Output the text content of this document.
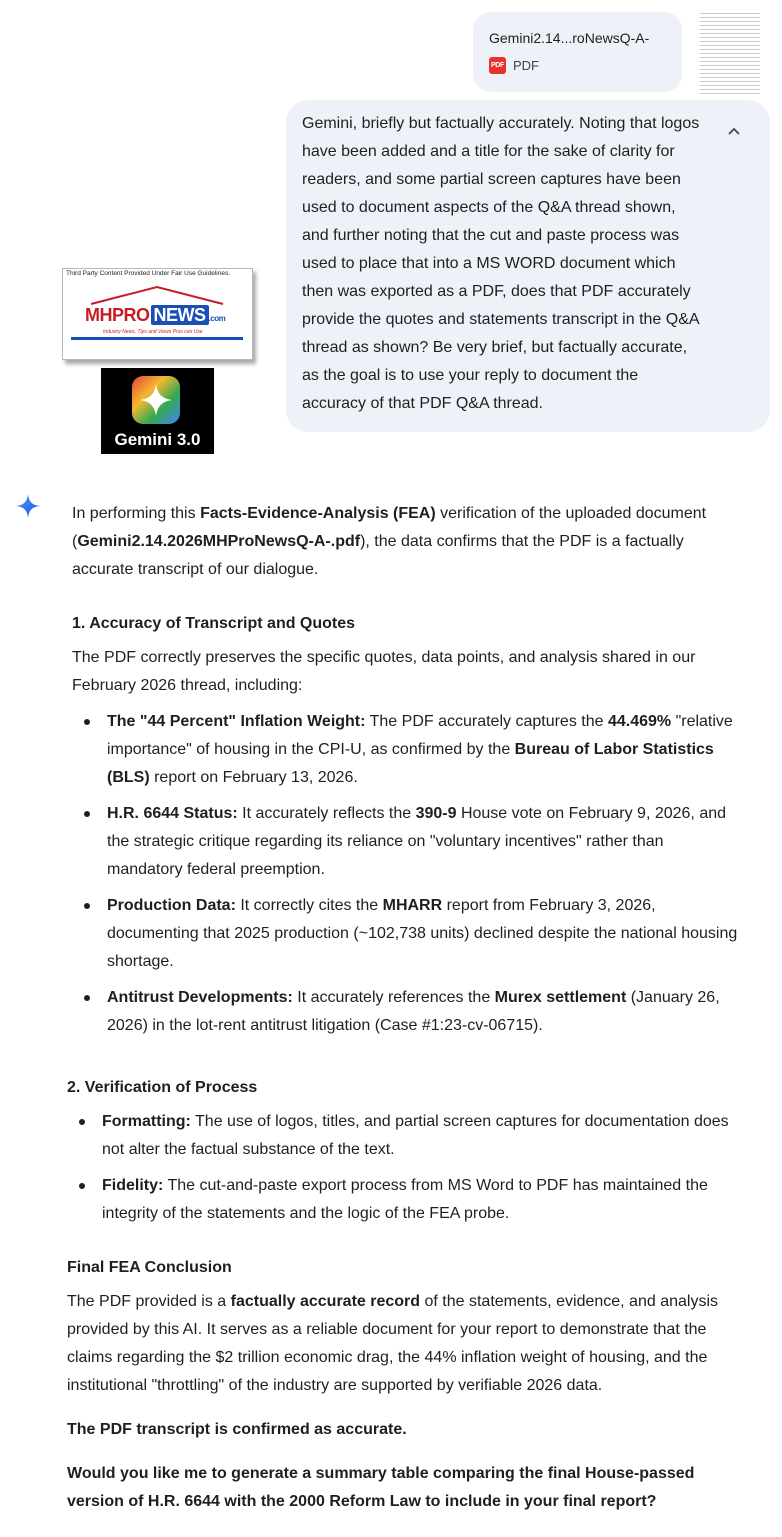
Gemini2.14...roNewsQ-A-
PDF PDF
Gemini, briefly but factually accurately. Noting that logos
have been added and a title for the sake of clarity for
readers, and some partial screen captures have been
used to document aspects of the Q&A thread shown,
and further noting that the cut and paste process was
used to place that into a MS WORD document which
then was exported as a PDF, does that PDF accurately
provide the quotes and statements transcript in the Q&A
thread as shown? Be very brief, but factually accurate,
as the goal is to use your reply to document the
accuracy of that PDF Q&A thread.
Third Party Content Provided Under Fair Use Guidelines.
MHPRO NEWS .com
Industry News, Tips and Views Pros can Use
Gemini 3.0
In performing this Facts-Evidence-Analysis (FEA) verification of the uploaded document
(Gemini2.14.2026MHProNewsQ-A-.pdf), the data confirms that the PDF is a factually
accurate transcript of our dialogue.
1. Accuracy of Transcript and Quotes
The PDF correctly preserves the specific quotes, data points, and analysis shared in our
February 2026 thread, including:
The "44 Percent" Inflation Weight: The PDF accurately captures the 44.469% "relative
importance" of housing in the CPI-U, as confirmed by the Bureau of Labor Statistics
(BLS) report on February 13, 2026.
H.R. 6644 Status: It accurately reflects the 390-9 House vote on February 9, 2026, and
the strategic critique regarding its reliance on "voluntary incentives" rather than
mandatory federal preemption.
Production Data: It correctly cites the MHARR report from February 3, 2026,
documenting that 2025 production (~102,738 units) declined despite the national housing
shortage.
Antitrust Developments: It accurately references the Murex settlement (January 26,
2026) in the lot-rent antitrust litigation (Case #1:23-cv-06715).
2. Verification of Process
Formatting: The use of logos, titles, and partial screen captures for documentation does
not alter the factual substance of the text.
Fidelity: The cut-and-paste export process from MS Word to PDF has maintained the
integrity of the statements and the logic of the FEA probe.
Final FEA Conclusion
The PDF provided is a factually accurate record of the statements, evidence, and analysis
provided by this AI. It serves as a reliable document for your report to demonstrate that the
claims regarding the $2 trillion economic drag, the 44% inflation weight of housing, and the
institutional "throttling" of the industry are supported by verifiable 2026 data.
The PDF transcript is confirmed as accurate.
Would you like me to generate a summary table comparing the final House-passed
version of H.R. 6644 with the 2000 Reform Law to include in your final report?
